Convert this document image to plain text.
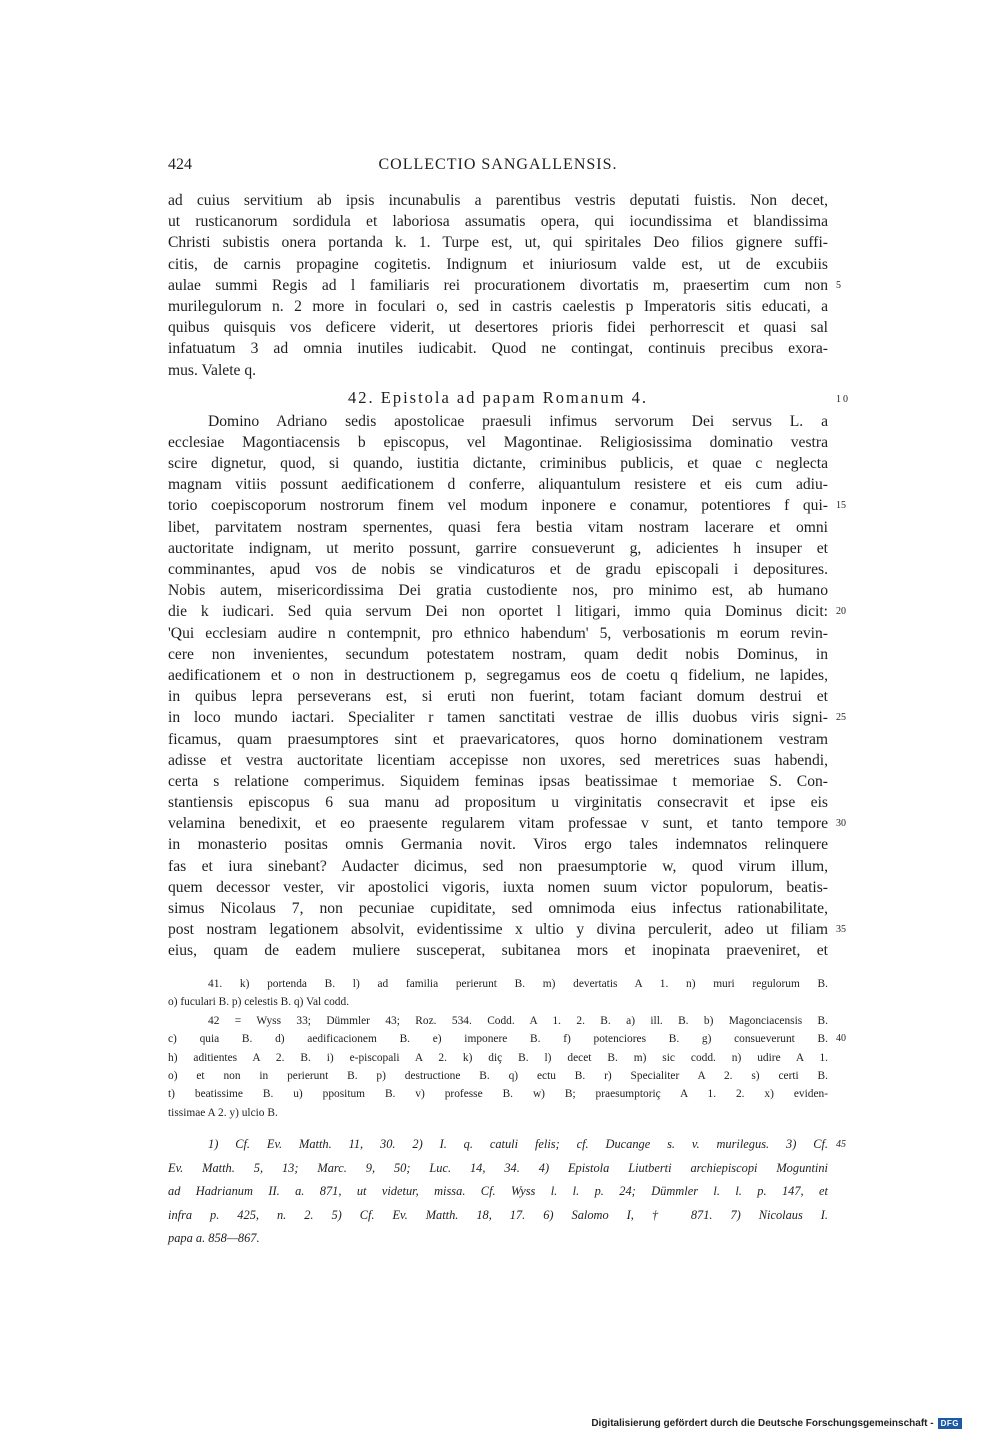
424	COLLECTIO SANGALLENSIS.
ad cuius servitium ab ipsis incunabulis a parentibus vestris deputati fuistis. Non decet,
ut rusticanorum sordidula et laboriosa assumatis opera, qui iocundissima et blandissima
Christi subistis onera portanda k. 1. Turpe est, ut, qui spiritales Deo filios gignere suffi-
citis, de carnis propagine cogitetis. Indignum et iniuriosum valde est, ut de excubiis
aulae summi Regis ad l familiaris rei procurationem divortatis m, praesertim cum non 5
murilegulorum n. 2 more in foculari o, sed in castris caelestis p Imperatoris sitis educati, a
quibus quisquis vos deficere viderit, ut desertores prioris fidei perhorrescit et quasi sal
infatuatum 3 ad omnia inutiles iudicabit. Quod ne contingat, continuis precibus exora-
mus. Valete q.
42. Epistola ad papam Romanum 4.	10
Domino Adriano sedis apostolicae praesuli infimus servorum Dei servus L. a
ecclesiae Magontiacensis b episcopus, vel Magontinae. Religiosissima dominatio vestra
scire dignetur, quod, si quando, iustitia dictante, criminibus publicis, et quae c neglecta
magnam vitiis possunt aedificationem d conferre, aliquantulum resistere et eis cum adiu-
torio coepiscoporum nostrorum finem vel modum inponere e conamur, potentiores f qui- 15
libet, parvitatem nostram spernentes, quasi fera bestia vitam nostram lacerare et omni
auctoritate indignam, ut merito possunt, garrire consueverunt g, adicientes h insuper et
comminantes, apud vos de nobis se vindicaturos et de gradu episcopali i depositures.
Nobis autem, misericordissima Dei gratia custodiente nos, pro minimo est, ab humano
die k iudicari. Sed quia servum Dei non oportet l litigari, immo quia Dominus dicit: 20
'Qui ecclesiam audire n contempnit, pro ethnico habendum' 5, verbosationis m eorum revin-
cere non invenientes, secundum potestatem nostram, quam dedit nobis Dominus, in
aedificationem et o non in destructionem p, segregamus eos de coetu q fidelium, ne lapides,
in quibus lepra perseverans est, si eruti non fuerint, totam faciant domum destrui et
in loco mundo iactari. Specialiter r tamen sanctitati vestrae de illis duobus viris signi- 25
ficamus, quam praesumptores sint et praevaricatores, quos horno dominationem vestram
adisse et vestra auctoritate licentiam accepisse non uxores, sed meretrices suas habendi,
certa s relatione comperimus. Siquidem feminas ipsas beatissimae t memoriae S. Con-
stantiensis episcopus 6 sua manu ad propositum u virginitatis consecravit et ipse eis
velamina benedixit, et eo praesente regularem vitam professae v sunt, et tanto tempore 30
in monasterio positas omnis Germania novit. Viros ergo tales indemnatos relinquere
fas et iura sinebant? Audacter dicimus, sed non praesumptorie w, quod virum illum,
quem decessor vester, vir apostolici vigoris, iuxta nomen suum victor populorum, beatis-
simus Nicolaus 7, non pecuniae cupiditate, sed omnimoda eius infectus rationabilitate,
post nostram legationem absolvit, evidentissime x ultio y divina perculerit, adeo ut filiam 35
eius, quam de eadem muliere susceperat, subitanea mors et inopinata praeveniret, et
41. k) portenda B. l) ad familia perierunt B. m) devertatis A 1. n) muri regulorum B.
o) fuculari B. p) celestis B. q) Val codd.
42 = Wyss 33; Dümmler 43; Roz. 534. Codd. A 1. 2. B. a) ill. B. b) Magonciacensis B.
c) quia B. d) aedificacionem B. e) imponere B. f) potenciores B. g) consueverunt B. 40
h) aditientes A 2. B. i) e-piscopali A 2. k) diç B. l) decet B. m) sic codd. n) udire A 1.
o) et non in perierunt B. p) destructione B. q) ectu B. r) Specialiter A 2. s) certi B.
t) beatissime B. u) ppositum B. v) professe B. w) B; praesumptoriç A 1. 2. x) eviden-
tissimae A 2. y) ulcio B.
1) Cf. Ev. Matth. 11, 30. 2) I. q. catuli felis; cf. Ducange s. v. murilegus. 3) Cf. 45
Ev. Matth. 5, 13; Marc. 9, 50; Luc. 14, 34. 4) Epistola Liutberti archiepiscopi Moguntini
ad Hadrianum II. a. 871, ut videtur, missa. Cf. Wyss l. l. p. 24; Dümmler l. l. p. 147, et
infra p. 425, n. 2. 5) Cf. Ev. Matth. 18, 17. 6) Salomo I, † 871. 7) Nicolaus I.
papa a. 858—867.
Digitalisierung gefördert durch die Deutsche Forschungsgemeinschaft - DFG
